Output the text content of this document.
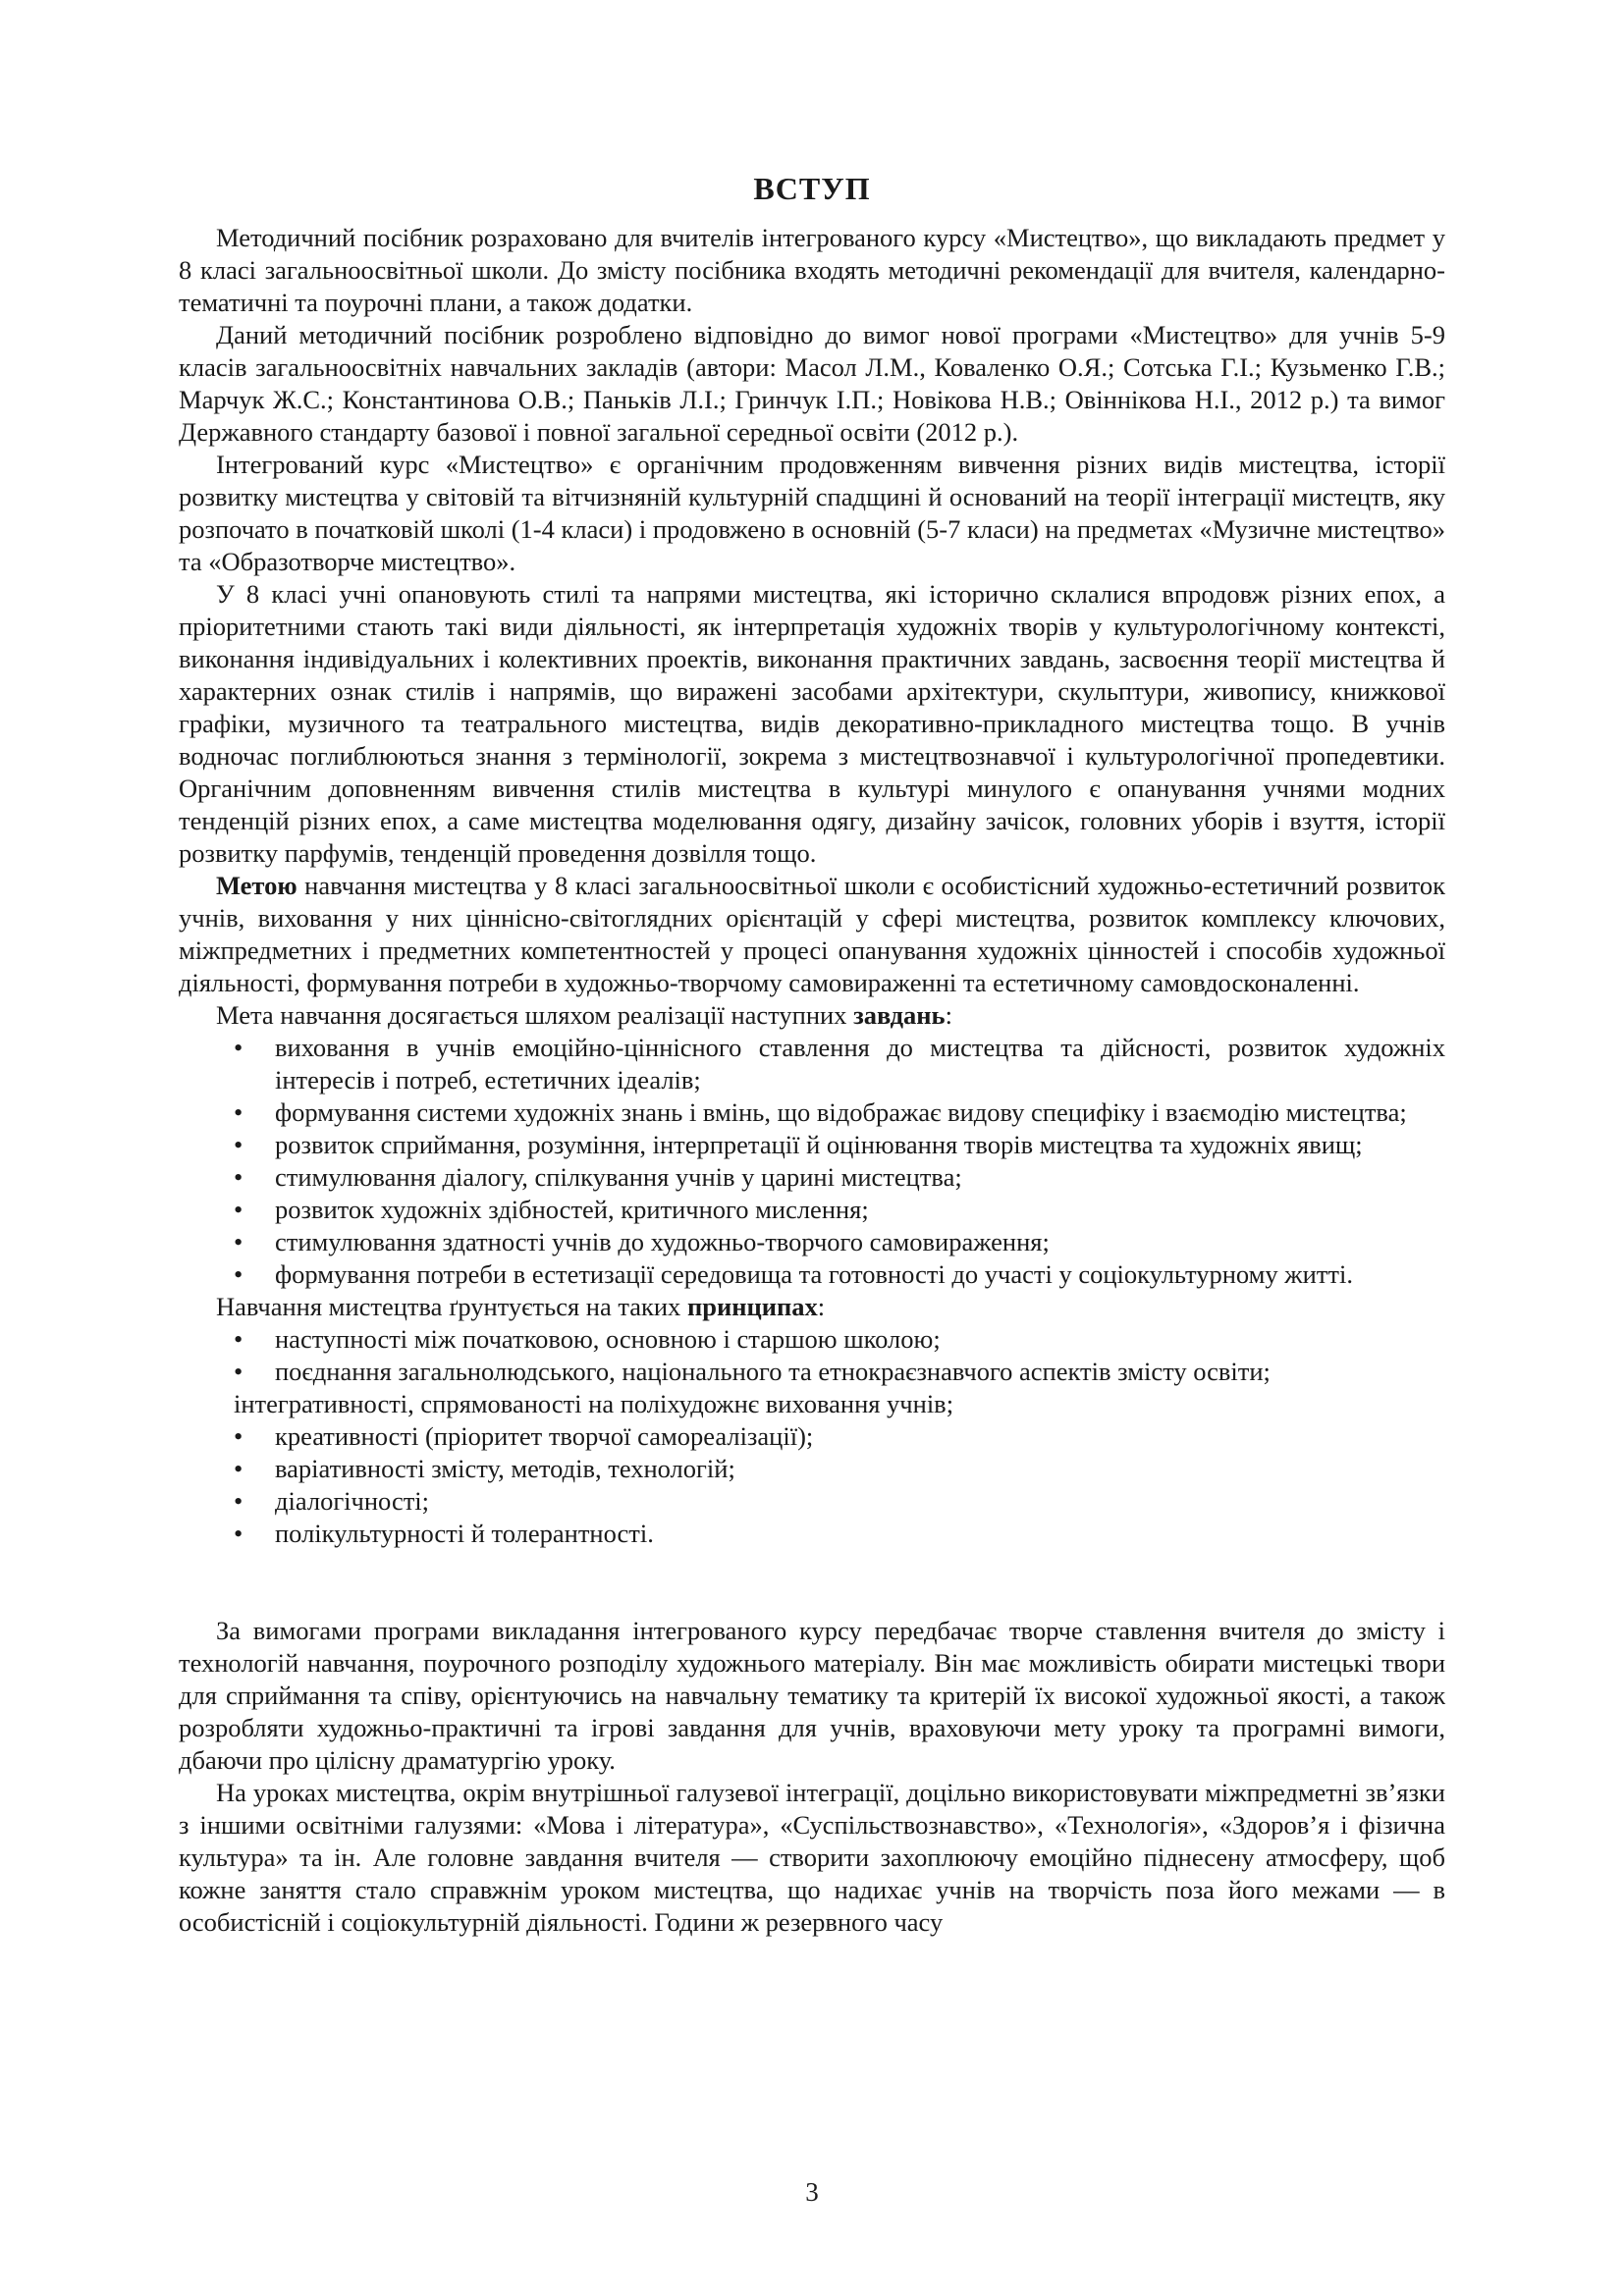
ВСТУП

Методичний посібник розраховано для вчителів інтегрованого курсу «Мистецтво», що викладають предмет у 8 класі загальноосвітньої школи. До змісту посібника входять методичні рекомендації для вчителя, календарно-тематичні та поурочні плани, а також додатки.

Даний методичний посібник розроблено відповідно до вимог нової програми «Мистецтво» для учнів 5-9 класів загальноосвітніх навчальних закладів (автори: Масол Л.М., Коваленко О.Я.; Сотська Г.І.; Кузьменко Г.В.; Марчук Ж.С.; Константинова О.В.; Паньків Л.І.; Гринчук І.П.; Новікова Н.В.; Овіннікова Н.І., 2012 р.) та вимог Державного стандарту базової і повної загальної середньої освіти (2012 р.).

Інтегрований курс «Мистецтво» є органічним продовженням вивчення різних видів мистецтва, історії розвитку мистецтва у світовій та вітчизняній культурній спадщині й оснований на теорії інтеграції мистецтв, яку розпочато в початковій школі (1-4 класи) і продовжено в основній (5-7 класи) на предметах «Музичне мистецтво» та «Образотворче мистецтво».

У 8 класі учні опановують стилі та напрями мистецтва, які історично склалися впродовж різних епох, а пріоритетними стають такі види діяльності, як інтерпретація художніх творів у культурологічному контексті, виконання індивідуальних і колективних проектів, виконання практичних завдань, засвоєння теорії мистецтва й характерних ознак стилів і напрямів, що виражені засобами архітектури, скульптури, живопису, книжкової графіки, музичного та театрального мистецтва, видів декоративно-прикладного мистецтва тощо. В учнів водночас поглиблюються знання з термінології, зокрема з мистецтвознавчої і культурологічної пропедевтики. Органічним доповненням вивчення стилів мистецтва в культурі минулого є опанування учнями модних тенденцій різних епох, а саме мистецтва моделювання одягу, дизайну зачісок, головних уборів і взуття, історії розвитку парфумів, тенденцій проведення дозвілля тощо.

Метою навчання мистецтва у 8 класі загальноосвітньої школи є особистісний художньо-естетичний розвиток учнів, виховання у них ціннісно-світоглядних орієнтацій у сфері мистецтва, розвиток комплексу ключових, міжпредметних і предметних компетентностей у процесі опанування художніх цінностей і способів художньої діяльності, формування потреби в художньо-творчому самовираженні та естетичному самовдосконаленні.

Мета навчання досягається шляхом реалізації наступних завдань:

• виховання в учнів емоційно-ціннісного ставлення до мистецтва та дійсності, розвиток художніх інтересів і потреб, естетичних ідеалів;
• формування системи художніх знань і вмінь, що відображає видову специфіку і взаємодію мистецтва;
• розвиток сприймання, розуміння, інтерпретації й оцінювання творів мистецтва та художніх явищ;
• стимулювання діалогу, спілкування учнів у царині мистецтва;
• розвиток художніх здібностей, критичного мислення;
• стимулювання здатності учнів до художньо-творчого самовираження;
• формування потреби в естетизації середовища та готовності до участі у соціокультурному житті.

Навчання мистецтва ґрунтується на таких принципах:

• наступності між початковою, основною і старшою школою;
• поєднання загальнолюдського, національного та етнокраєзнавчого аспектів змісту освіти;
інтегративності, спрямованості на поліхудожнє виховання учнів;
• креативності (пріоритет творчої самореалізації);
• варіативності змісту, методів, технологій;
• діалогічності;
• полікультурності й толерантності.

За вимогами програми викладання інтегрованого курсу передбачає творче ставлення вчителя до змісту і технологій навчання, поурочного розподілу художнього матеріалу. Він має можливість обирати мистецькі твори для сприймання та співу, орієнтуючись на навчальну тематику та критерій їх високої художньої якості, а також розробляти художньо-практичні та ігрові завдання для учнів, враховуючи мету уроку та програмні вимоги, дбаючи про цілісну драматургію уроку.

На уроках мистецтва, окрім внутрішньої галузевої інтеграції, доцільно використовувати міжпредметні зв’язки з іншими освітніми галузями: «Мова і література», «Суспільствознавство», «Технологія», «Здоров’я і фізична культура» та ін. Але головне завдання вчителя — створити захоплюючу емоційно піднесену атмосферу, щоб кожне заняття стало справжнім уроком мистецтва, що надихає учнів на творчість поза його межами — в особистісній і соціокультурній діяльності. Години ж резервного часу

3
